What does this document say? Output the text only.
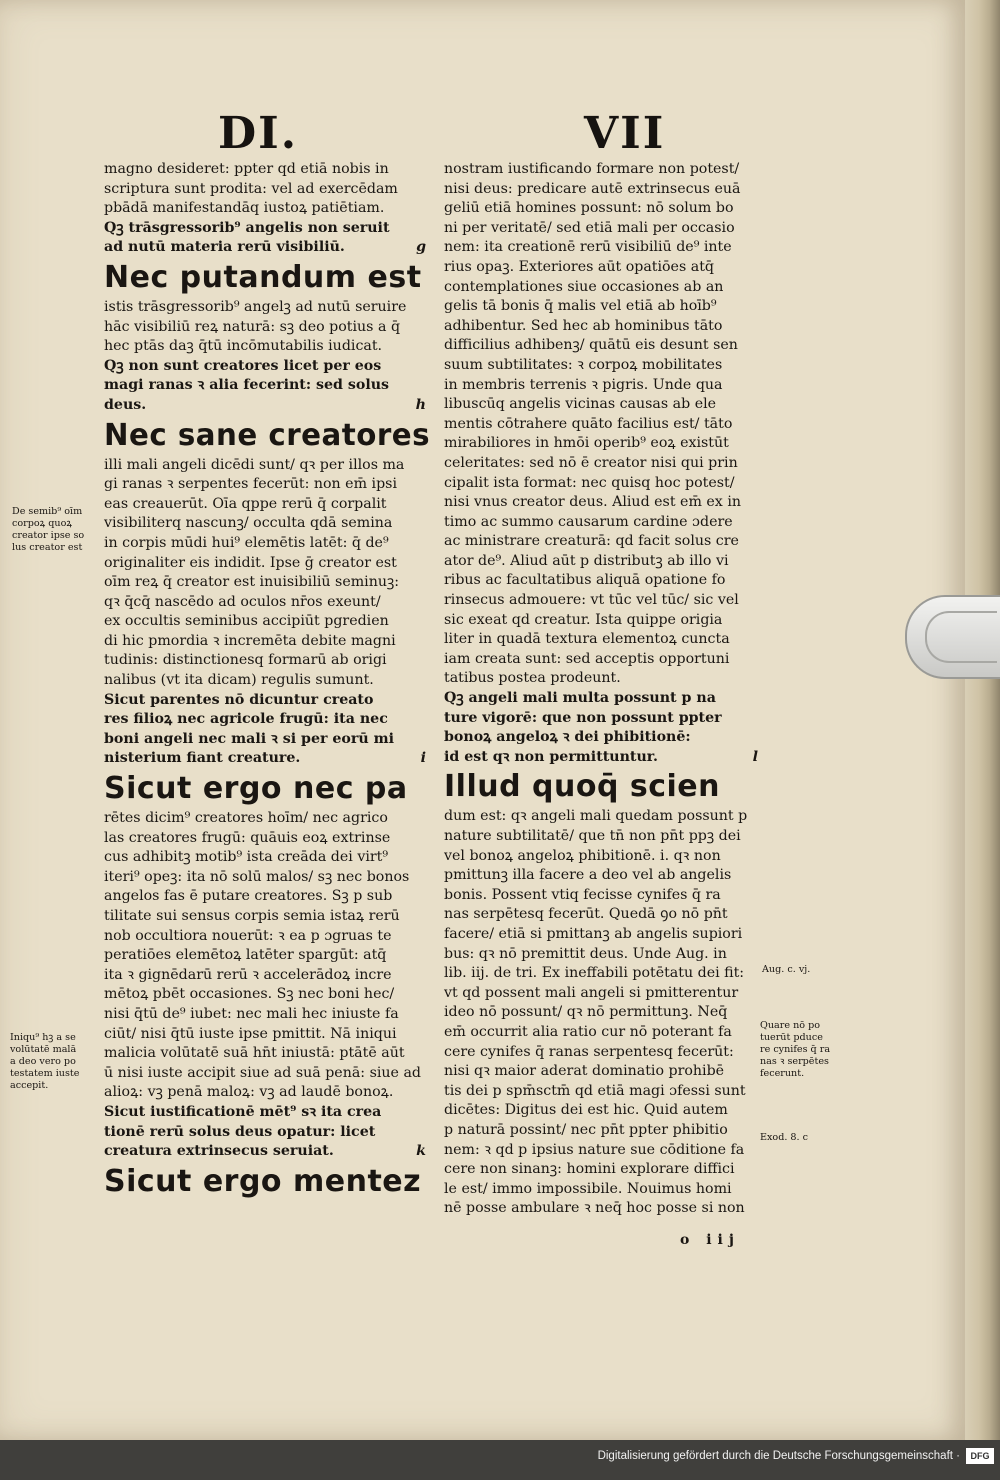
DI.	VII
magno desideret: ppter qd etiā nobis in
scriptura sunt prodita: vel ad exercēdam
pbādā manifestandāq iustoꝝ patiētiam.
Qꝫ trāsgressorib⁹ angelis non seruit
ad nutū materia rerū visibiliū.	g
Nec putandum est
istis trāsgressorib⁹ angelꝫ ad nutū seruire
hāc visibiliū reꝝ naturā: sꝫ deo potius a q̄
hec ptās daꝫ q̄tū incōmutabilis iudicat.
Qꝫ non sunt creatores licet per eos
magi ranas ꝛ alia fecerint: sed solus
deus.	h
Nec sane creatores
illi mali angeli dicēdi sunt/ qꝛ per illos ma
gi ranas ꝛ serpentes fecerūt: non em̄ ipsi
eas creauerūt. Oīa qppe rerū q̄ corpalit
visibiliterq nascunꝫ/ occulta qdā semina
in corpis mūdi hui⁹ elemētis latēt: q̄ de⁹
originaliter eis indidit. Ipse ḡ creator est
oīm reꝝ q̄ creator est inuisibiliū seminuꝫ:
qꝛ q̄cq̄ nascēdo ad oculos nr̄os exeunt/
ex occultis seminibus accipiūt pgredien
di hic pmordia ꝛ incremēta debite magni
tudinis: distinctionesq formarū ab origi
nalibus (vt ita dicam) regulis sumunt.
Sicut parentes nō dicuntur creato
res filioꝝ nec agricole frugū: ita nec
boni angeli nec mali ꝛ si per eorū mi
nisterium fiant creature.	i
Sicut ergo nec pa
rētes dicim⁹ creatores hoīm/ nec agrico
las creatores frugū: quāuis eoꝝ extrinse
cus adhibitꝫ motib⁹ ista creāda dei virt⁹
iteri⁹ opeꝫ: ita nō solū malos/ sꝫ nec bonos
angelos fas ē putare creatores. Sꝫ p sub
tilitate sui sensus corpis semia istaꝝ rerū
nob occultiora nouerūt: ꝛ ea p ɔgruas te
peratiōes elemētoꝝ latēter spargūt: atq̄
ita ꝛ gignēdarū rerū ꝛ accelerādoꝝ incre
mētoꝝ pbēt occasiones. Sꝫ nec boni hec/
nisi q̄tū de⁹ iubet: nec mali hec iniuste fa
ciūt/ nisi q̄tū iuste ipse pmittit. Nā iniqui
malicia volūtatē suā hn̄t iniustā: ptātē aūt
ū nisi iuste accipit siue ad suā penā: siue ad
alioꝝ: vꝫ penā maloꝝ: vꝫ ad laudē bonoꝝ.
Sicut iustificationē mēt⁹ sꝛ ita crea
tionē rerū solus deus opatur: licet
creatura extrinsecus seruiat.	k
Sicut ergo mentez
nostram iustificando formare non potest/
nisi deus: predicare autē extrinsecus euā
geliū etiā homines possunt: nō solum bo
ni per veritatē/ sed etiā mali per occasio
nem: ita creationē rerū visibiliū de⁹ inte
rius opaꝫ. Exteriores aūt opatiōes atq̄
contemplationes siue occasiones ab an
gelis tā bonis q̄ malis vel etiā ab hoīb⁹
adhibentur. Sed hec ab hominibus tāto
difficilius adhibenꝫ/ quātū eis desunt sen
suum subtilitates: ꝛ corpoꝝ mobilitates
in membris terrenis ꝛ pigris. Unde qua
libuscūq angelis vicinas causas ab ele
mentis cōtrahere quāto facilius est/ tāto
mirabiliores in hmōi operib⁹ eoꝝ existūt
celeritates: sed nō ē creator nisi qui prin
cipalit ista format: nec quisq hoc potest/
nisi vnus creator deus. Aliud est em̄ ex in
timo ac summo causarum cardine ɔdere
ac ministrare creaturā: qd facit solus cre
ator de⁹. Aliud aūt p distributꝫ ab illo vi
ribus ac facultatibus aliquā opatione fo
rinsecus admouere: vt tūc vel tūc/ sic vel
sic exeat qd creatur. Ista quippe origia
liter in quadā textura elementoꝝ cuncta
iam creata sunt: sed acceptis opportuni
tatibus postea prodeunt.
Qꝫ angeli mali multa possunt p na
ture vigorē: que non possunt ppter
bonoꝝ angeloꝝ ꝛ dei phibitionē:
id est qꝛ non permittuntur.	l
Illud quoq̄ scien
dum est: qꝛ angeli mali quedam possunt p
nature subtilitatē/ que tn̄ non pn̄t ppꝫ dei
vel bonoꝝ angeloꝝ phibitionē. i. qꝛ non
pmittunꝫ illa facere a deo vel ab angelis
bonis. Possent vtiq fecisse cynifes q̄ ra
nas serpētesq fecerūt. Quedā ꝯo nō pn̄t
facere/ etiā si pmittanꝫ ab angelis supiori
bus: qꝛ nō premittit deus. Unde Aug. in
lib. iij. de tri. Ex ineffabili potētatu dei fit:
vt qd possent mali angeli si pmitterentur
ideo nō possunt/ qꝛ nō permittunꝫ. Neq̄
em̄ occurrit alia ratio cur nō poterant fa
cere cynifes q̄ ranas serpentesq fecerūt:
nisi qꝛ maior aderat dominatio prohibē
tis dei p spm̄sctm̄ qd etiā magi ɔfessi sunt
dicētes: Digitus dei est hic. Quid autem
p naturā possint/ nec pn̄t ppter phibitio
nem: ꝛ qd p ipsius nature sue cōditione fa
cere non sinanꝫ: homini explorare diffici
le est/ immo impossibile. Nouimus homi
nē posse ambulare ꝛ neq̄ hoc posse si non
o iij
De semib⁹ oīm
corpoꝝ quoꝝ
creator ipse so
lus creator est
Iniqu⁹ hꝫ a se
volūtatē malā
a deo vero po
testatem iuste
accepit.
Aug. c. vj.
Quare nō po
tuerūt pduce
re cynifes q̄ ra
nas ꝛ serpētes
fecerunt.
Exod. 8. c
Digitalisierung gefördert durch die Deutsche Forschungsgemeinschaft ·	DFG
